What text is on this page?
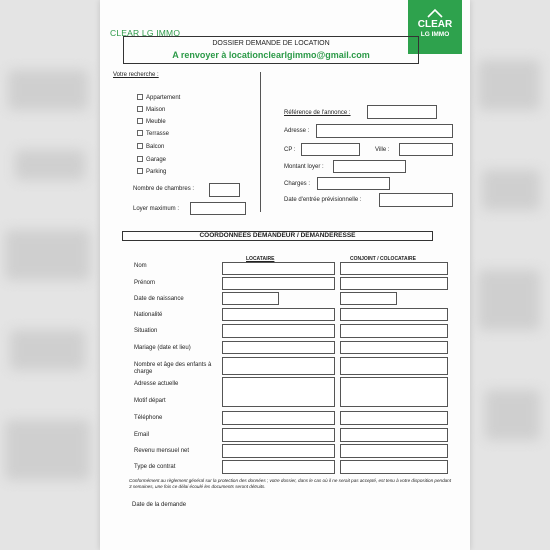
CLEAR LG IMMO
CLEAR
LG IMMO
DOSSIER DEMANDE DE LOCATION
A renvoyer à locationclearlgimmo@gmail.com
Votre recherche :
Appartement
Maison
Meuble
Terrasse
Balcon
Garage
Parking
Nombre de chambres :
Loyer maximum :
Référence de l'annonce :
Adresse :
CP :	Ville :
Montant loyer :
Charges :
Date d'entrée prévisionnelle :
COORDONNEES DEMANDEUR / DEMANDERESSE
LOCATAIRE	CONJOINT / COLOCATAIRE
Nom
Prénom
Date de naissance
Nationalité
Situation
Mariage (date et lieu)
Nombre et âge des enfants à charge
Adresse actuelle
Motif départ
Téléphone
Email
Revenu mensuel net
Type de contrat
Conformément au règlement général sur la protection des données ; votre dossier, dans le cas où il ne serait pas accepté, est tenu à votre disposition pendant 3 semaines, une fois ce délai écoulé les documents seront détruits.
Date de la demande
